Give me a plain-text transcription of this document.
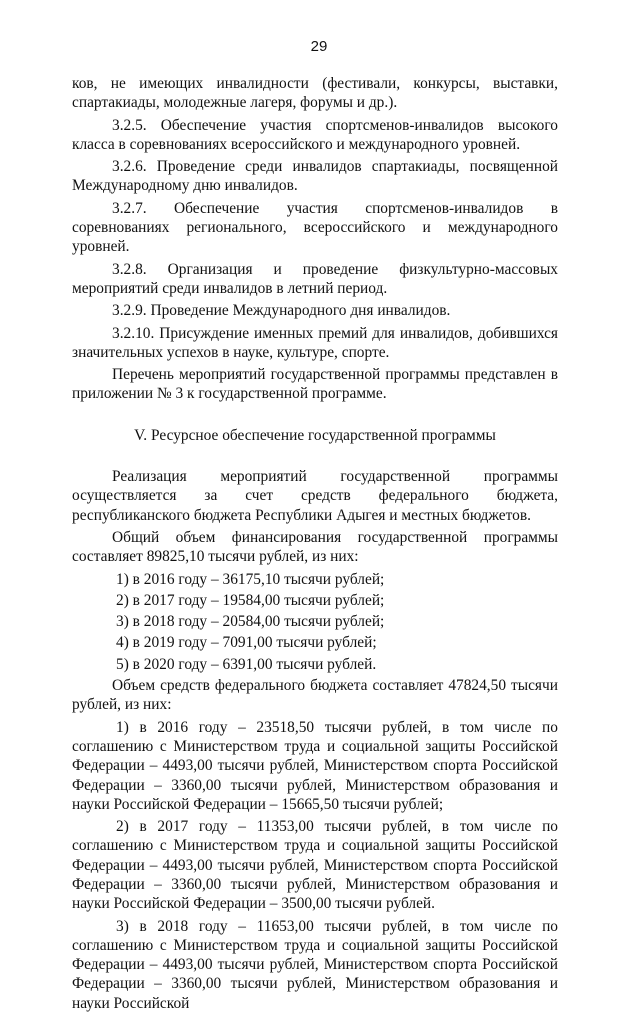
29

ков, не имеющих инвалидности (фестивали, конкурсы, выставки, спартакиады, молодежные лагеря, форумы и др.).

3.2.5. Обеспечение участия спортсменов-инвалидов высокого класса в соревнованиях всероссийского и международного уровней.

3.2.6. Проведение среди инвалидов спартакиады, посвященной Международному дню инвалидов.

3.2.7. Обеспечение участия спортсменов-инвалидов в соревнованиях регионального, всероссийского и международного уровней.

3.2.8. Организация и проведение физкультурно-массовых мероприятий среди инвалидов в летний период.

3.2.9. Проведение Международного дня инвалидов.

3.2.10. Присуждение именных премий для инвалидов, добившихся значительных успехов в науке, культуре, спорте.

Перечень мероприятий государственной программы представлен в приложении № 3 к государственной программе.

V. Ресурсное обеспечение государственной программы

Реализация мероприятий государственной программы осуществляется за счет средств федерального бюджета, республиканского бюджета Республики Адыгея и местных бюджетов.

Общий объем финансирования государственной программы составляет 89825,10 тысячи рублей, из них:

1) в 2016 году – 36175,10 тысячи рублей;

2) в 2017 году – 19584,00 тысячи рублей;

3) в 2018 году – 20584,00 тысячи рублей;

4) в 2019 году – 7091,00 тысячи рублей;

5) в 2020 году – 6391,00 тысячи рублей.

Объем средств федерального бюджета составляет 47824,50 тысячи рублей, из них:

1) в 2016 году – 23518,50 тысячи рублей, в том числе по соглашению с Министерством труда и социальной защиты Российской Федерации – 4493,00 тысячи рублей, Министерством спорта Российской Федерации – 3360,00 тысячи рублей, Министерством образования и науки Российской Федерации – 15665,50 тысячи рублей;

2) в 2017 году – 11353,00 тысячи рублей, в том числе по соглашению с Министерством труда и социальной защиты Российской Федерации – 4493,00 тысячи рублей, Министерством спорта Российской Федерации – 3360,00 тысячи рублей, Министерством образования и науки Российской Федерации – 3500,00 тысячи рублей.

3) в 2018 году – 11653,00 тысячи рублей, в том числе по соглашению с Министерством труда и социальной защиты Российской Федерации – 4493,00 тысячи рублей, Министерством спорта Российской Федерации – 3360,00 тысячи рублей, Министерством образования и науки Российской
